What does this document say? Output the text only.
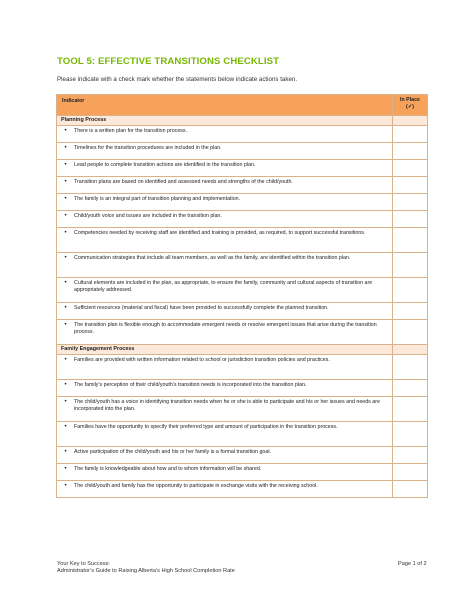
TOOL 5: EFFECTIVE TRANSITIONS CHECKLIST
Please indicate with a check mark whether the statements below indicate actions taken.
Indicator	In Place
(✓)

Planning Process	

• There is a written plan for the transition process.	

• Timelines for the transition procedures are included in the plan.	

• Lead people to complete transition actions are identified in the transition plan.	

• Transition plans are based on identified and assessed needs and strengths of the child/youth.	

• The family is an integral part of transition planning and implementation.	

• Child/youth voice and issues are included in the transition plan.	

• Competencies needed by receiving staff are identified and training is provided, as required, to support successful transitions.	

• Communication strategies that include all team members, as well as the family, are identified within the transition plan.	

• Cultural elements are included in the plan, as appropriate, to ensure the family, community and cultural aspects of transition are appropriately addressed.	

• Sufficient resources (material and fiscal) have been provided to successfully complete the planned transition.	

• The transition plan is flexible enough to accommodate emergent needs or resolve emergent issues that arise during the transition process.	

Family Engagement Process	

• Families are provided with written information related to school or jurisdiction transition policies and practices.	

• The family’s perception of their child/youth’s transition needs is incorporated into the transition plan.	

• The child/youth has a voice in identifying transition needs when he or she is able to participate and his or her issues and needs are incorporated into the plan.	

• Families have the opportunity to specify their preferred type and amount of participation in the transition process.	

• Active participation of the child/youth and his or her family is a formal transition goal.	

• The family is knowledgeable about how and to whom information will be shared.	

• The child/youth and family has the opportunity to participate in exchange visits with the receiving school.	

Your Key to Success:
Administrator’s Guide to Raising Alberta’s High School Completion Rate
Page 1 of 2
